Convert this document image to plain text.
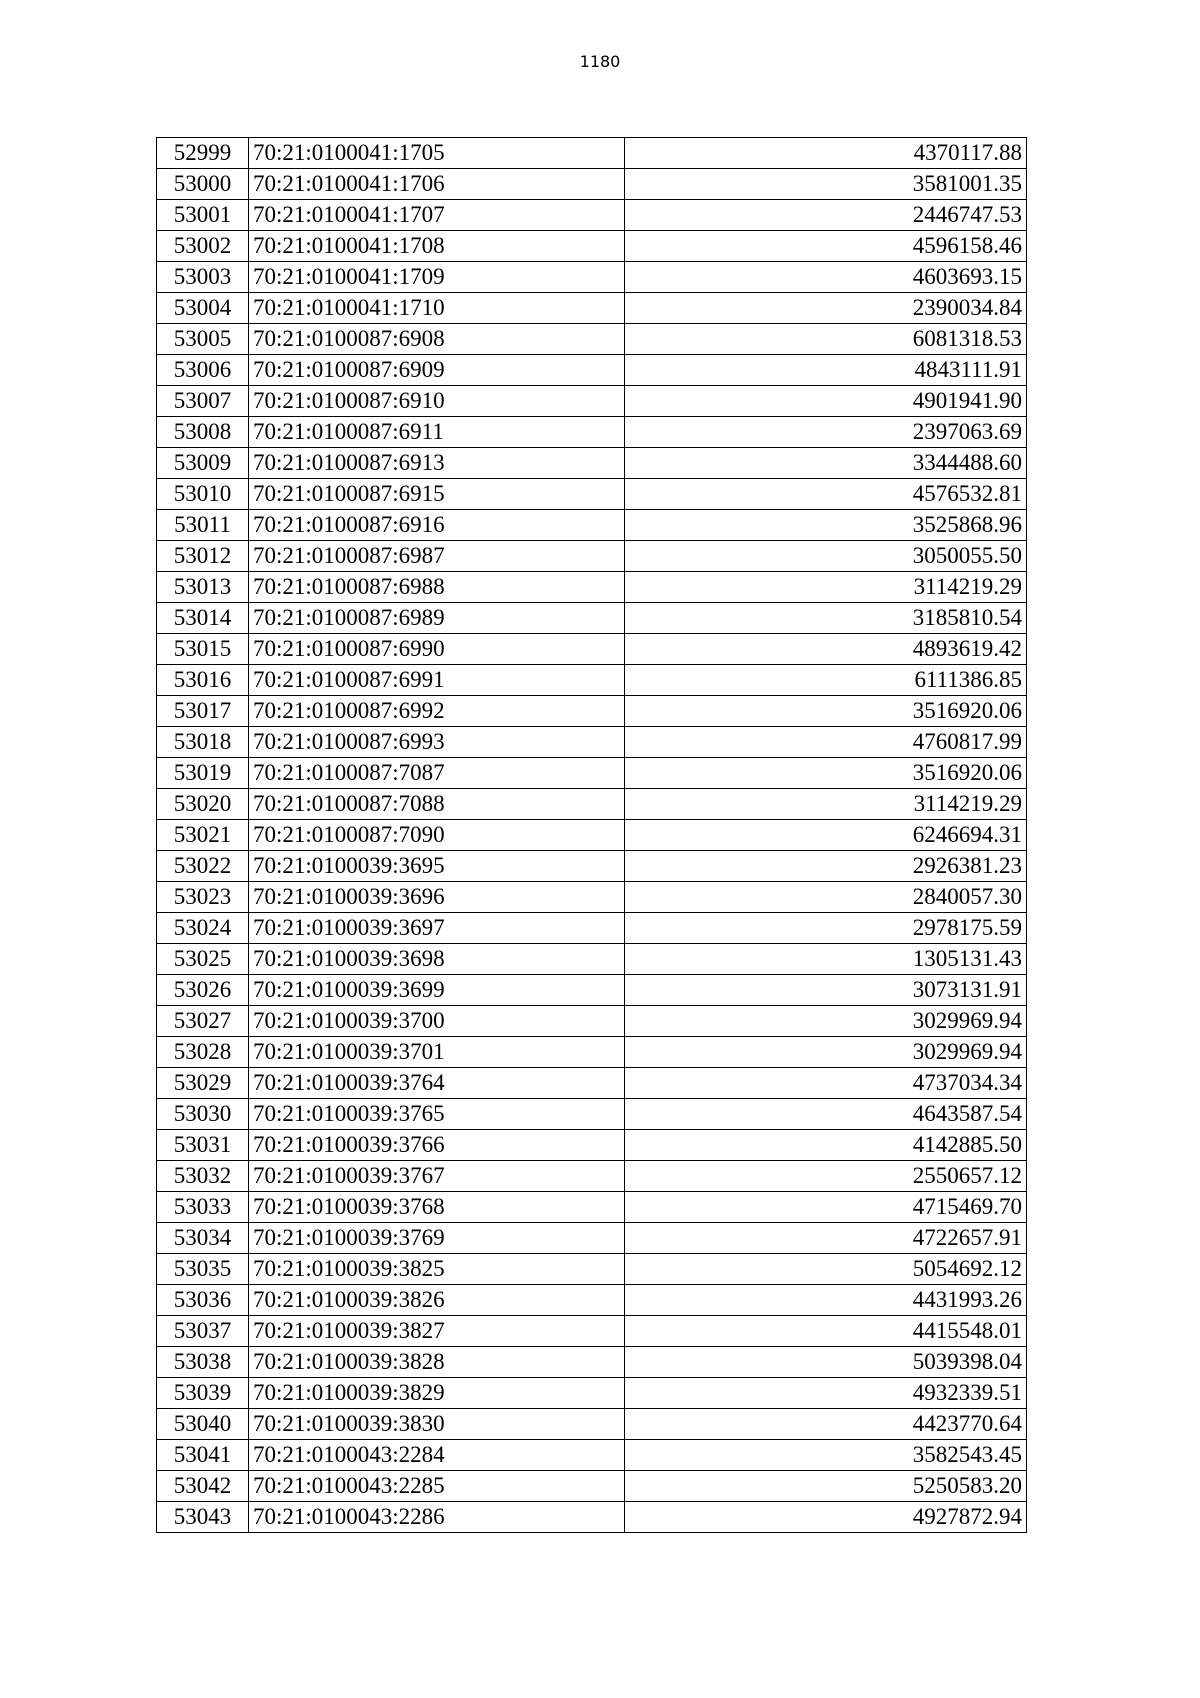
1180
52999	70:21:0100041:1705	4370117.88
53000	70:21:0100041:1706	3581001.35
53001	70:21:0100041:1707	2446747.53
53002	70:21:0100041:1708	4596158.46
53003	70:21:0100041:1709	4603693.15
53004	70:21:0100041:1710	2390034.84
53005	70:21:0100087:6908	6081318.53
53006	70:21:0100087:6909	4843111.91
53007	70:21:0100087:6910	4901941.90
53008	70:21:0100087:6911	2397063.69
53009	70:21:0100087:6913	3344488.60
53010	70:21:0100087:6915	4576532.81
53011	70:21:0100087:6916	3525868.96
53012	70:21:0100087:6987	3050055.50
53013	70:21:0100087:6988	3114219.29
53014	70:21:0100087:6989	3185810.54
53015	70:21:0100087:6990	4893619.42
53016	70:21:0100087:6991	6111386.85
53017	70:21:0100087:6992	3516920.06
53018	70:21:0100087:6993	4760817.99
53019	70:21:0100087:7087	3516920.06
53020	70:21:0100087:7088	3114219.29
53021	70:21:0100087:7090	6246694.31
53022	70:21:0100039:3695	2926381.23
53023	70:21:0100039:3696	2840057.30
53024	70:21:0100039:3697	2978175.59
53025	70:21:0100039:3698	1305131.43
53026	70:21:0100039:3699	3073131.91
53027	70:21:0100039:3700	3029969.94
53028	70:21:0100039:3701	3029969.94
53029	70:21:0100039:3764	4737034.34
53030	70:21:0100039:3765	4643587.54
53031	70:21:0100039:3766	4142885.50
53032	70:21:0100039:3767	2550657.12
53033	70:21:0100039:3768	4715469.70
53034	70:21:0100039:3769	4722657.91
53035	70:21:0100039:3825	5054692.12
53036	70:21:0100039:3826	4431993.26
53037	70:21:0100039:3827	4415548.01
53038	70:21:0100039:3828	5039398.04
53039	70:21:0100039:3829	4932339.51
53040	70:21:0100039:3830	4423770.64
53041	70:21:0100043:2284	3582543.45
53042	70:21:0100043:2285	5250583.20
53043	70:21:0100043:2286	4927872.94
